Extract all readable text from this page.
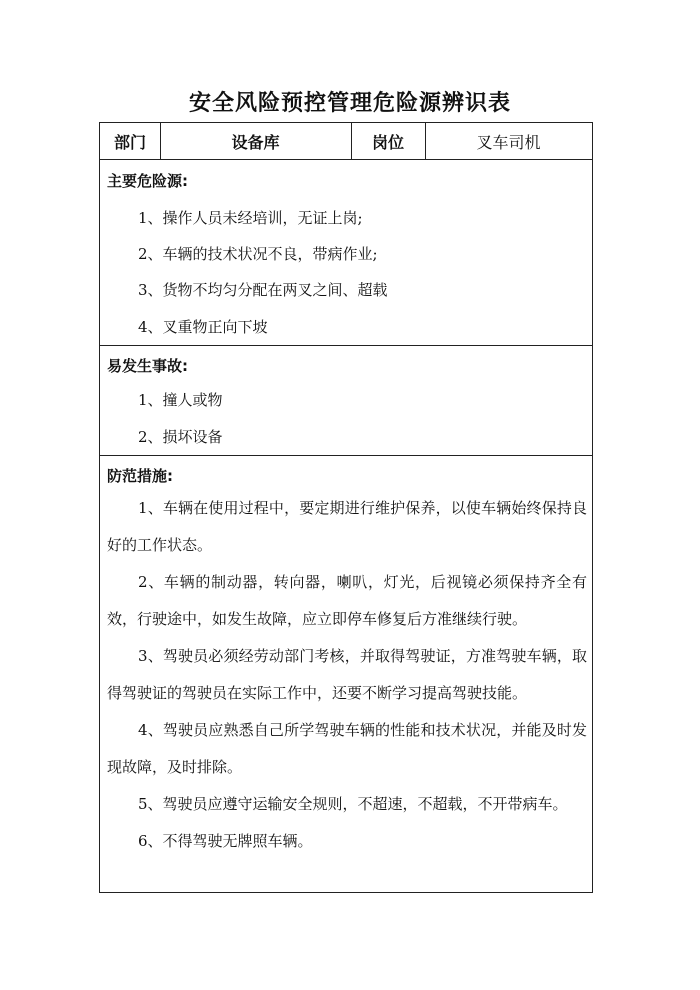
安全风险预控管理危险源辨识表
部门	设备库	岗位	叉车司机
主要危险源:
1、操作人员未经培训，无证上岗;
2、车辆的技术状况不良，带病作业;
3、货物不均匀分配在两叉之间、超载
4、叉重物正向下坡
易发生事故:
1、撞人或物
2、损坏设备
防范措施:

1、车辆在使用过程中，要定期进行维护保养，以使车辆始终保持良好的工作状态。

2、车辆的制动器，转向器，喇叭，灯光，后视镜必须保持齐全有效，行驶途中，如发生故障，应立即停车修复后方准继续行驶。

3、驾驶员必须经劳动部门考核，并取得驾驶证，方准驾驶车辆，取得驾驶证的驾驶员在实际工作中，还要不断学习提高驾驶技能。

4、驾驶员应熟悉自己所学驾驶车辆的性能和技术状况，并能及时发现故障，及时排除。

5、驾驶员应遵守运输安全规则，不超速，不超载，不开带病车。

6、不得驾驶无牌照车辆。
